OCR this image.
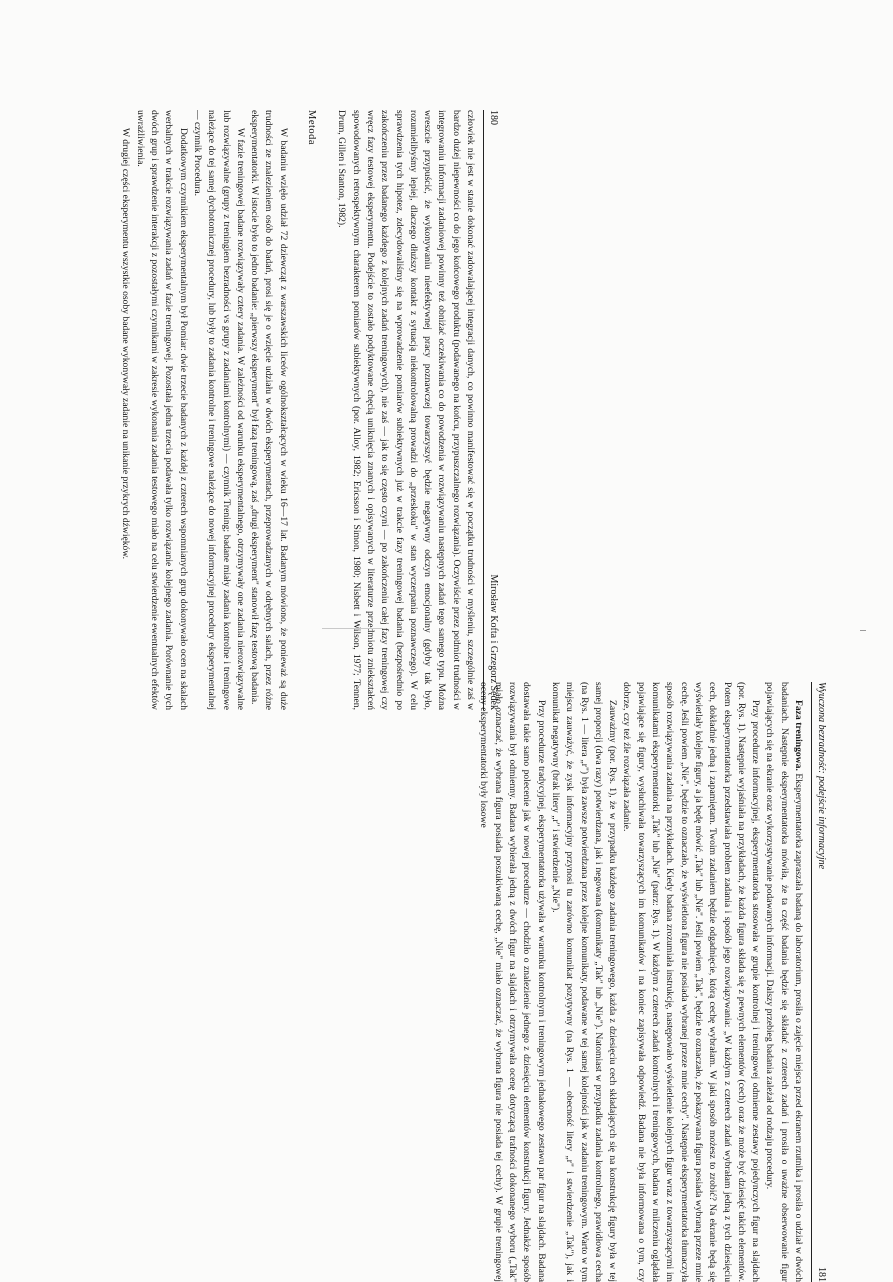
180
Mirosław Kofta i Grzegorz Sędek

człowiek nie jest w stanie dokonać zadowalającej integracji danych, co powinno manifestować się w początku trudności w myśleniu, szczególnie zaś w bardzo dużej niepewności co do jego końcowego produktu (podawanego na końcu, przypuszczalnego rozwiązania). Oczywiście przez podmiot trudności w integrowaniu informacji zadaniowej powinny też obniżać oczekiwania co do powodzenia w rozwiązywaniu następnych zadań tego samego typu. Można wreszcie przypuścić, że wykonywaniu nieefektywnej pracy poznawczej towarzyszyć będzie negatywny odczyn emocjonalny (gdyby tak było, rozumielibyśmy lepiej, dlaczego dłuższy kontakt z sytuacją niekontrolowalną prowadzi do „przeskoku" w stan wyczerpania poznawczego). W celu sprawdzenia tych hipotez, zdecydowaliśmy się na wprowadzenie pomiarów subiektywnych już w trakcie fazy treningowej badania (bezpośrednio po zakończeniu przez badanego każdego z kolejnych zadań treningowych), nie zaś — jak to się często czyni — po zakończeniu całej fazy treningowej czy wręcz fazy testowej eksperymentu. Podejście to zostało podyktowane chęcią uniknięcia znanych i opisywanych w literaturze przedmiotu zniekształceń spowodowanych retrospektywnym charakterem pomiarów subiektywnych (por. Alloy, 1982; Ericsson i Simon, 1980; Nisbett i Wilson, 1977; Tennen, Drum, Gillen i Stanton, 1982).

Metoda

W badaniu wzięło udział 72 dziewcząt z warszawskich liceów ogólnokształcących w wieku 16—17 lat. Badanym mówiono, że ponieważ są duże trudności ze znalezieniem osób do badań, prosi się je o wzięcie udziału w dwóch eksperymentach, przeprowadzanych w odrębnych salach, przez różne eksperymentatorki. W istocie było to jedno badanie: „pierwszy eksperyment" był fazą treningową, zaś „drugi eksperyment" stanowił fazę testową badania.

W fazie treningowej badane rozwiązywały cztery zadania. W zależności od warunku eksperymentalnego, otrzymywały one zadania nierozwiązywalne lub rozwiązywalne (grupy z treningiem bezradności vs grupy z zadaniami kontrolnymi) — czynnik Trening; badane miały zadania kontrolne i treningowe należące do tej samej dychotomicznej procedury, lub były to zadania kontrolne i treningowe należące do nowej informacyjnej procedury eksperymentalnej — czynnik Procedura.

Dodatkowym czynnikiem eksperymentalnym był Pomiar: dwie trzecie badanych z każdej z czterech wspomnianych grup dokonywało ocen na skalach werbalnych w trakcie rozwiązywania zadań w fazie treningowej. Pozostała jedna trzecia podawała tylko rozwiązanie kolejnego zadania. Porównanie tych dwóch grup i sprawdzenie interakcji z pozostałymi czynnikami w zakresie wykonania zadania testowego miało na celu stwierdzenie ewentualnych efektów uwrażliwienia.

W drugiej części eksperymentu wszystkie osoby badane wykonywały zadanie na unikanie przykrych dźwięków.

Wyuczona bezradność: podejście informacyjne
181

Faza treningowa. Eksperymentatorka zapraszała badaną do laboratorium, prosiła o zajęcie miejsca przed ekranem rzutnika i prosiła o udział w dwóch badaniach. Następnie eksperymentatorka mówiła, że ta część badania będzie się składać z czterech zadań i prosiła o uważne obserwowanie figur pojawiających się na ekranie oraz wykorzystywanie podawanych informacji. Dalszy przebieg badania zależał od rodzaju procedury.

Przy procedurze informacyjnej, eksperymentatorka stosowała w grupie kontrolnej i treningowej odmienne zestawy pojedynczych figur na slajdach (por. Rys. 1). Następnie wyjaśniała na przykładach, że każda figura składa się z pewnych elementów (cech) oraz że może być dziesięć takich elementów. Potem eksperymentatorka przedstawiała problem zadania i sposób jego rozwiązywania: „W każdym z czterech zadań wybrałam jedną z tych dziesięciu cech, dokładnie jedną i zapamiętam. Twoim zadaniem będzie odgadnięcie, którą cechę wybrałam. W jaki sposób możesz to zrobić? Na ekranie będą się wyświetlały kolejne figury, a ja będę mówić „Tak" lub „Nie". Jeśli powiem „Tak", będzie to oznaczało, że pokazywana figura posiada wybraną przeze mnie cechę. Jeśli powiem „Nie", będzie to oznaczało, że wyświetlona figura nie posiada wybranej przeze mnie cechy". Następnie eksperymentatorka tłumaczyła sposób rozwiązywania zadania na przykładach. Kiedy badana zrozumiała instrukcję, następowało wyświetlenie kolejnych figur wraz z towarzyszącymi im komunikatami eksperymentatorki „Tak" lub „Nie" (patrz: Rys. 1). W każdym z czterech zadań kontrolnych i treningowych, badana w milczeniu oglądała pojawiające się figury, wysłuchiwała towarzyszących im komunikatów i na koniec zapisywała odpowiedź. Badana nie była informowana o tym, czy dobrze, czy też źle rozwiązała zadanie.

Zauważmy (por. Rys. 1), że w przypadku każdego zadania treningowego, każda z dziesięciu cech składających się na konstrukcję figury była w tej samej proporcji (dwa razy) potwierdzana, jak i negowana (komunikaty „Tak" lub „Nie"). Natomiast w przypadku zadania kontrolnego, prawidłowa cecha (na Rys. 1 — litera „r") była zawsze potwierdzana przez kolejne komunikaty, podawane w tej samej kolejności jak w zadaniu treningowym. Warto w tym miejscu zauważyć, że zysk informacyjny przynosi tu zarówno komunikat pozytywny (na Rys. 1 — obecność litery „r" i stwierdzenie „Tak"), jak i komunikat negatywny (brak litery „r" i stwierdzenie „Nie").

Przy procedurze tradycyjnej, eksperymentatorka używała w warunku kontrolnym i treningowym jednakowego zestawu par figur na slajdach. Badana dostawała takie samo polecenie jak w nowej procedurze — chodziło o znalezienie jednego z dziesięciu elementów konstrukcji figury. Jednakże sposób rozwiązywania był odmienny. Badana wybierała jedną z dwóch figur na slajdach i otrzymywała ocenę dotyczącą trafności dokonanego wyboru („Tak" miało oznaczać, że wybrana figura posiada poszukiwaną cechę, „Nie" miało oznaczać, że wybrana figura nie posiada tej cechy). W grupie treningowej oceny eksperymentatorki były losowe
